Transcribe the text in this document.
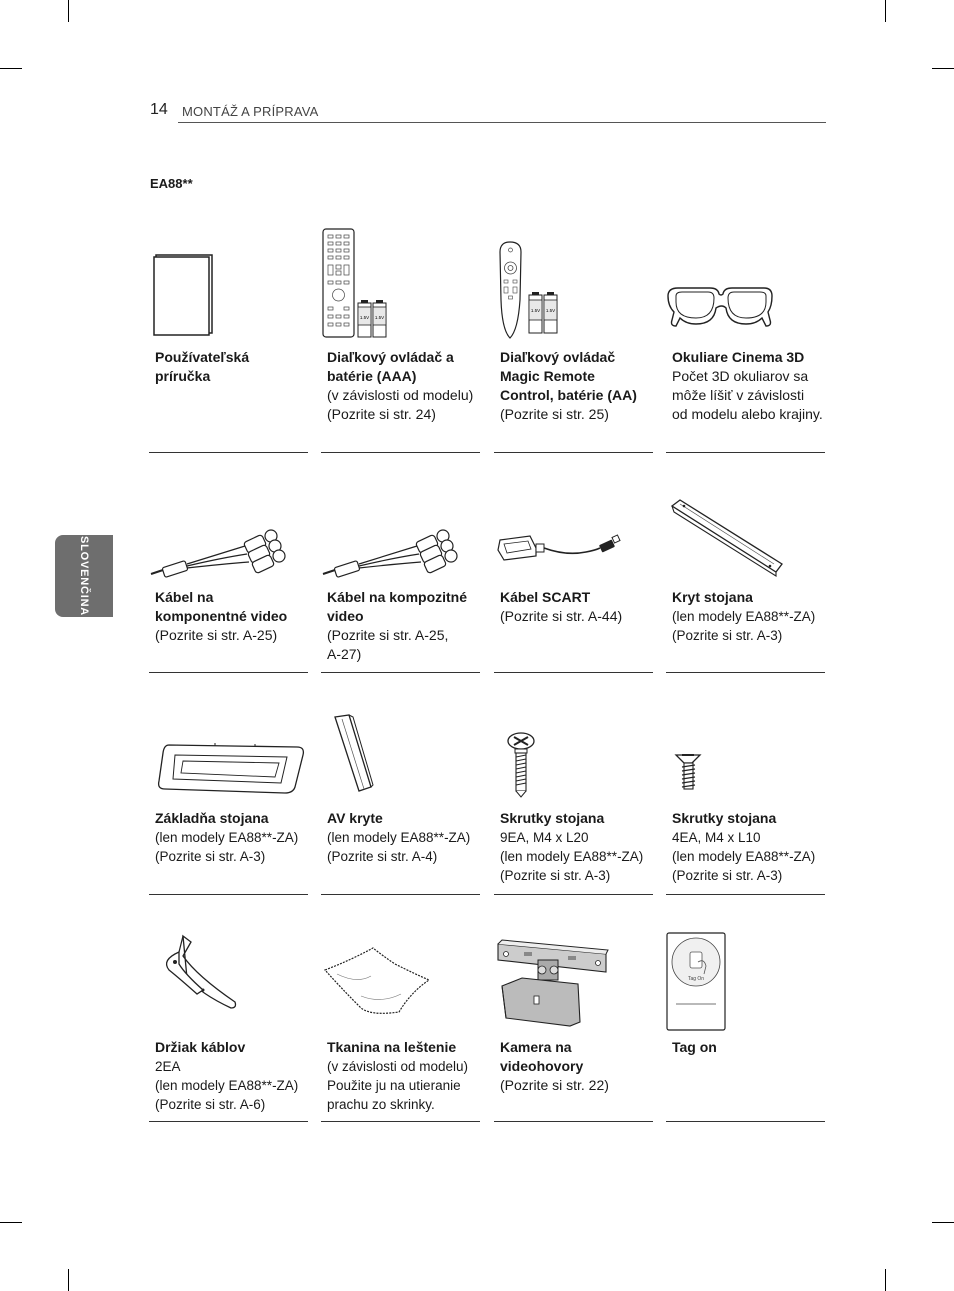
14 MONTÁŽ A PRÍPRAVA
EA88**
SLOVENČINA
Používateľská
príručka
1.5V 1.5V
Diaľkový ovládač a batérie (AAA)
(v závislosti od modelu)
(Pozrite si str. 24)
1.5V 1.5V
Diaľkový ovládač Magic Remote Control, batérie (AA)
(Pozrite si str. 25)
Okuliare Cinema 3D
Počet 3D okuliarov sa môže líšiť v závislosti od modelu alebo krajiny.
Kábel na
komponentné video
(Pozrite si str. A-25)
Kábel na kompozitné video
(Pozrite si str. A-25,
A-27)
Kábel SCART
(Pozrite si str. A-44)
Kryt stojana
(len modely EA88**-ZA)
(Pozrite si str. A-3)
Základňa stojana
(len modely EA88**-ZA)
(Pozrite si str. A-3)
AV kryte
(len modely EA88**-ZA)
(Pozrite si str. A-4)
Skrutky stojana
9EA, M4 x L20
(len modely EA88**-ZA)
(Pozrite si str. A-3)
Skrutky stojana
4EA, M4 x L10
(len modely EA88**-ZA)
(Pozrite si str. A-3)
Držiak káblov
2EA
(len modely EA88**-ZA)
(Pozrite si str. A-6)
Tkanina na leštenie
(v závislosti od modelu)
Použite ju na utieranie prachu zo skrinky.
Kamera na
videohovory
(Pozrite si str. 22)
Tag On
Tag on
